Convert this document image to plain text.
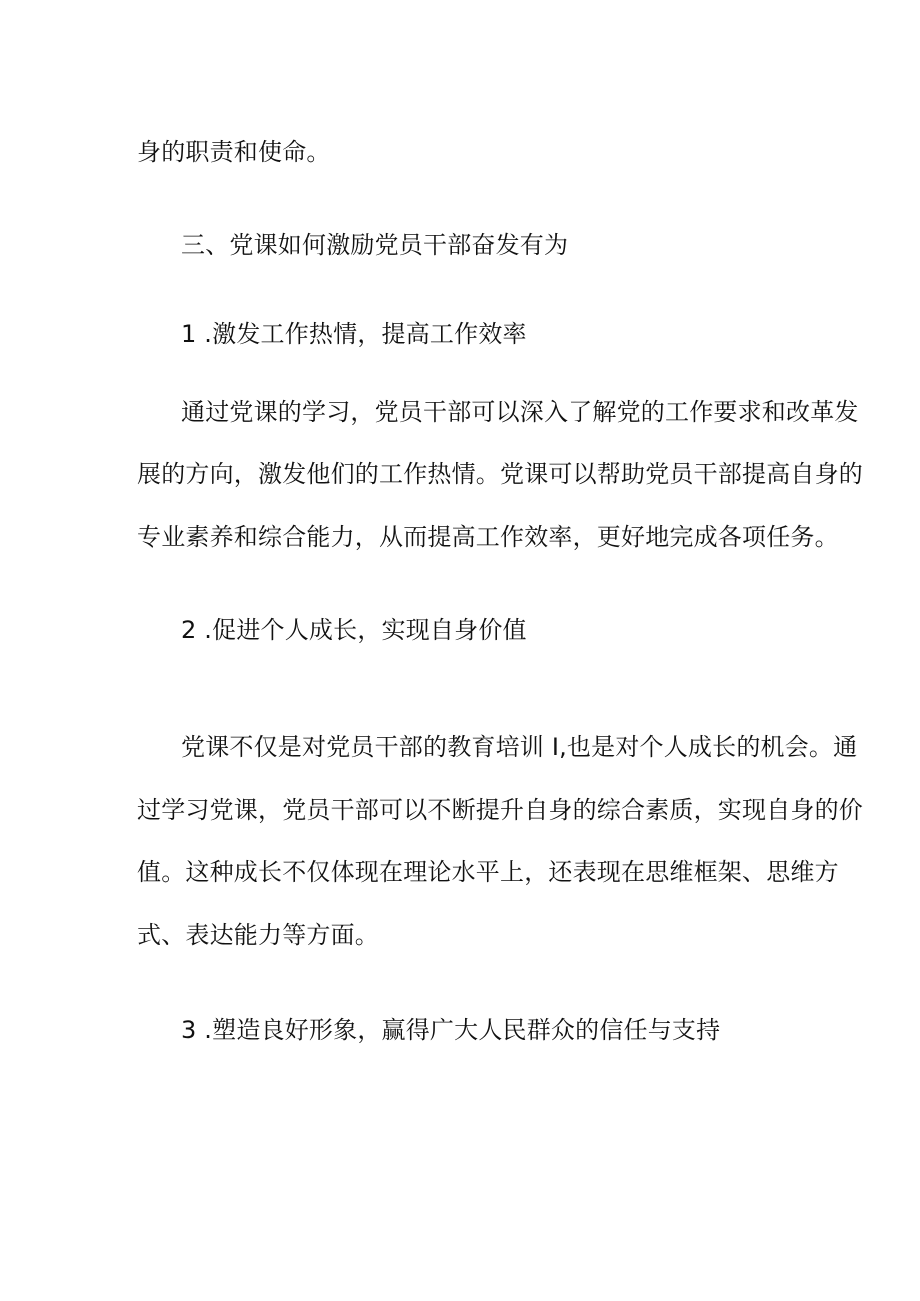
身的职责和使命。
三、党课如何激励党员干部奋发有为
1 .激发工作热情，提高工作效率
通过党课的学习，党员干部可以深入了解党的工作要求和改革发
展的方向，激发他们的工作热情。党课可以帮助党员干部提高自身的
专业素养和综合能力，从而提高工作效率，更好地完成各项任务。
2 .促进个人成长，实现自身价值
党课不仅是对党员干部的教育培训 I,也是对个人成长的机会。通
过学习党课，党员干部可以不断提升自身的综合素质，实现自身的价
值。这种成长不仅体现在理论水平上，还表现在思维框架、思维方
式、表达能力等方面。
3 .塑造良好形象，赢得广大人民群众的信任与支持
